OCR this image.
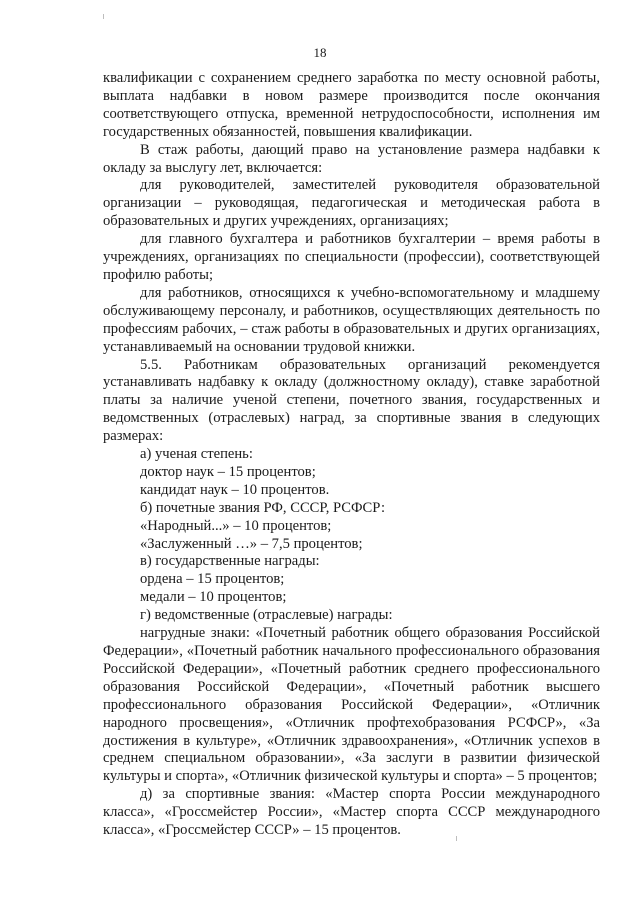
18

квалификации с сохранением среднего заработка по месту основной работы, выплата надбавки в новом размере производится после окончания соответствующего отпуска, временной нетрудоспособности, исполнения им государственных обязанностей, повышения квалификации.

В стаж работы, дающий право на установление размера надбавки к окладу за выслугу лет, включается:

для руководителей, заместителей руководителя образовательной организации – руководящая, педагогическая и методическая работа в образовательных и других учреждениях, организациях;

для главного бухгалтера и работников бухгалтерии – время работы в учреждениях, организациях по специальности (профессии), соответствующей профилю работы;

для работников, относящихся к учебно-вспомогательному и младшему обслуживающему персоналу, и работников, осуществляющих деятельность по профессиям рабочих, – стаж работы в образовательных и других организациях, устанавливаемый на основании трудовой книжки.

5.5. Работникам образовательных организаций рекомендуется устанавливать надбавку к окладу (должностному окладу), ставке заработной платы за наличие ученой степени, почетного звания, государственных и ведомственных (отраслевых) наград, за спортивные звания в следующих размерах:

а) ученая степень:

доктор наук – 15 процентов;

кандидат наук – 10 процентов.

б) почетные звания РФ, СССР, РСФСР:

«Народный...» – 10 процентов;

«Заслуженный …» – 7,5 процентов;

в) государственные награды:

ордена – 15 процентов;

медали – 10 процентов;

г) ведомственные (отраслевые) награды:

нагрудные знаки: «Почетный работник общего образования Российской Федерации», «Почетный работник начального профессионального образования Российской Федерации», «Почетный работник среднего профессионального образования Российской Федерации», «Почетный работник высшего профессионального образования Российской Федерации», «Отличник народного просвещения», «Отличник профтехобразования РСФСР», «За достижения в культуре», «Отличник здравоохранения», «Отличник успехов в среднем специальном образовании», «За заслуги в развитии физической культуры и спорта», «Отличник физической культуры и спорта» – 5 процентов;

д) за спортивные звания: «Мастер спорта России международного класса», «Гроссмейстер России», «Мастер спорта СССР международного класса», «Гроссмейстер СССР» – 15 процентов.
